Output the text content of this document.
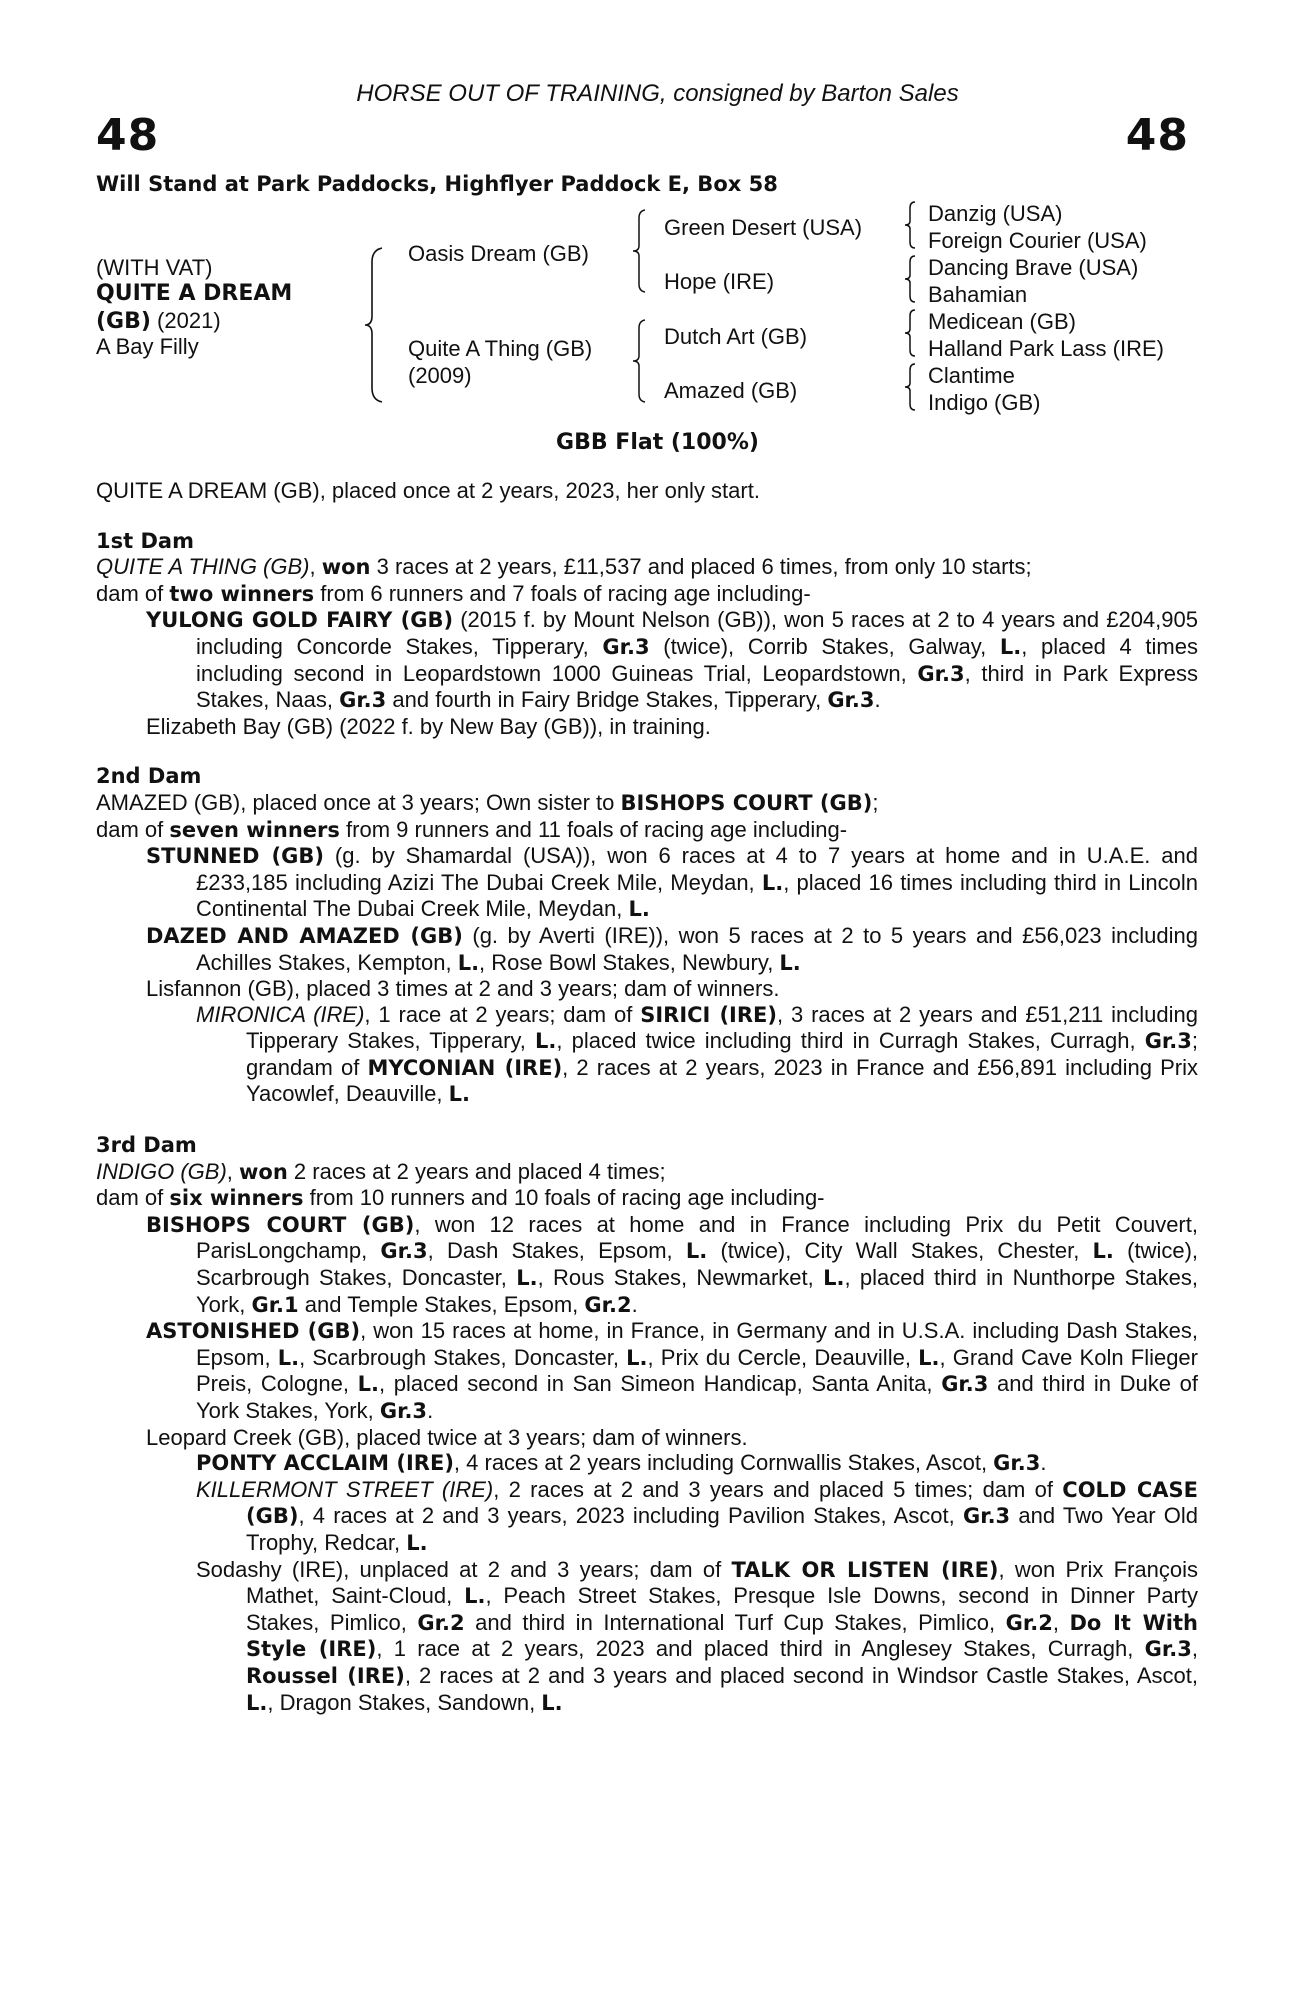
HORSE OUT OF TRAINING, consigned by Barton Sales
48	48
Will Stand at Park Paddocks, Highflyer Paddock E, Box 58
(WITH VAT)
QUITE A DREAM
(GB) (2021)
A Bay Filly
Oasis Dream (GB)
Quite A Thing (GB)
(2009)
Green Desert (USA)
Hope (IRE)
Dutch Art (GB)
Amazed (GB)
Danzig (USA)
Foreign Courier (USA)
Dancing Brave (USA)
Bahamian
Medicean (GB)
Halland Park Lass (IRE)
Clantime
Indigo (GB)
GBB Flat (100%)

QUITE A DREAM (GB), placed once at 2 years, 2023, her only start.

1st Dam

QUITE A THING (GB), won 3 races at 2 years, £11,537 and placed 6 times, from only 10 starts;

dam of two winners from 6 runners and 7 foals of racing age including-

YULONG GOLD FAIRY (GB) (2015 f. by Mount Nelson (GB)), won 5 races at 2 to 4 years and £204,905 including Concorde Stakes, Tipperary, Gr.3 (twice), Corrib Stakes, Galway, L., placed 4 times including second in Leopardstown 1000 Guineas Trial, Leopardstown, Gr.3, third in Park Express Stakes, Naas, Gr.3 and fourth in Fairy Bridge Stakes, Tipperary, Gr.3.

Elizabeth Bay (GB) (2022 f. by New Bay (GB)), in training.

2nd Dam

AMAZED (GB), placed once at 3 years; Own sister to BISHOPS COURT (GB);

dam of seven winners from 9 runners and 11 foals of racing age including-

STUNNED (GB) (g. by Shamardal (USA)), won 6 races at 4 to 7 years at home and in U.A.E. and £233,185 including Azizi The Dubai Creek Mile, Meydan, L., placed 16 times including third in Lincoln Continental The Dubai Creek Mile, Meydan, L.

DAZED AND AMAZED (GB) (g. by Averti (IRE)), won 5 races at 2 to 5 years and £56,023 including Achilles Stakes, Kempton, L., Rose Bowl Stakes, Newbury, L.

Lisfannon (GB), placed 3 times at 2 and 3 years; dam of winners.

MIRONICA (IRE), 1 race at 2 years; dam of SIRICI (IRE), 3 races at 2 years and £51,211 including Tipperary Stakes, Tipperary, L., placed twice including third in Curragh Stakes, Curragh, Gr.3; grandam of MYCONIAN (IRE), 2 races at 2 years, 2023 in France and £56,891 including Prix Yacowlef, Deauville, L.

3rd Dam

INDIGO (GB), won 2 races at 2 years and placed 4 times;

dam of six winners from 10 runners and 10 foals of racing age including-

BISHOPS COURT (GB), won 12 races at home and in France including Prix du Petit Couvert, ParisLongchamp, Gr.3, Dash Stakes, Epsom, L. (twice), City Wall Stakes, Chester, L. (twice), Scarbrough Stakes, Doncaster, L., Rous Stakes, Newmarket, L., placed third in Nunthorpe Stakes, York, Gr.1 and Temple Stakes, Epsom, Gr.2.

ASTONISHED (GB), won 15 races at home, in France, in Germany and in U.S.A. including Dash Stakes, Epsom, L., Scarbrough Stakes, Doncaster, L., Prix du Cercle, Deauville, L., Grand Cave Koln Flieger Preis, Cologne, L., placed second in San Simeon Handicap, Santa Anita, Gr.3 and third in Duke of York Stakes, York, Gr.3.

Leopard Creek (GB), placed twice at 3 years; dam of winners.

PONTY ACCLAIM (IRE), 4 races at 2 years including Cornwallis Stakes, Ascot, Gr.3.

KILLERMONT STREET (IRE), 2 races at 2 and 3 years and placed 5 times; dam of COLD CASE (GB), 4 races at 2 and 3 years, 2023 including Pavilion Stakes, Ascot, Gr.3 and Two Year Old Trophy, Redcar, L.

Sodashy (IRE), unplaced at 2 and 3 years; dam of TALK OR LISTEN (IRE), won Prix François Mathet, Saint-Cloud, L., Peach Street Stakes, Presque Isle Downs, second in Dinner Party Stakes, Pimlico, Gr.2 and third in International Turf Cup Stakes, Pimlico, Gr.2, Do It With Style (IRE), 1 race at 2 years, 2023 and placed third in Anglesey Stakes, Curragh, Gr.3, Roussel (IRE), 2 races at 2 and 3 years and placed second in Windsor Castle Stakes, Ascot, L., Dragon Stakes, Sandown, L.
